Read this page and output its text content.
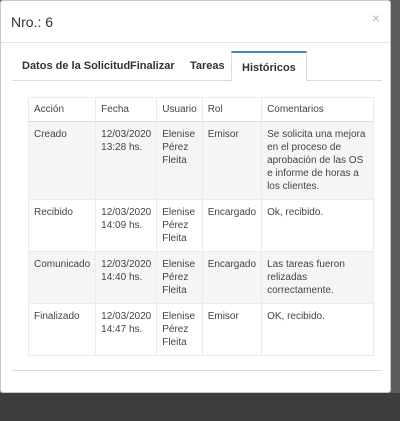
Nro.: 6	×
Datos de la Solicitud Finalizar	Tareas	Históricos
Acción	Fecha	Usuario	Rol	Comentarios
Creado	12/03/2020 13:28 hs.	Elenise Pérez Fleita	Emisor	Se solicita una mejora en el proceso de aprobación de las OS e informe de horas a los clientes.
Recibido	12/03/2020 14:09 hs.	Elenise Pérez Fleita	Encargado	Ok, recibido.
Comunicado	12/03/2020 14:40 hs.	Elenise Pérez Fleita	Encargado	Las tareas fueron relizadas correctamente.
Finalizado	12/03/2020 14:47 hs.	Elenise Pérez Fleita	Emisor	OK, recibido.
